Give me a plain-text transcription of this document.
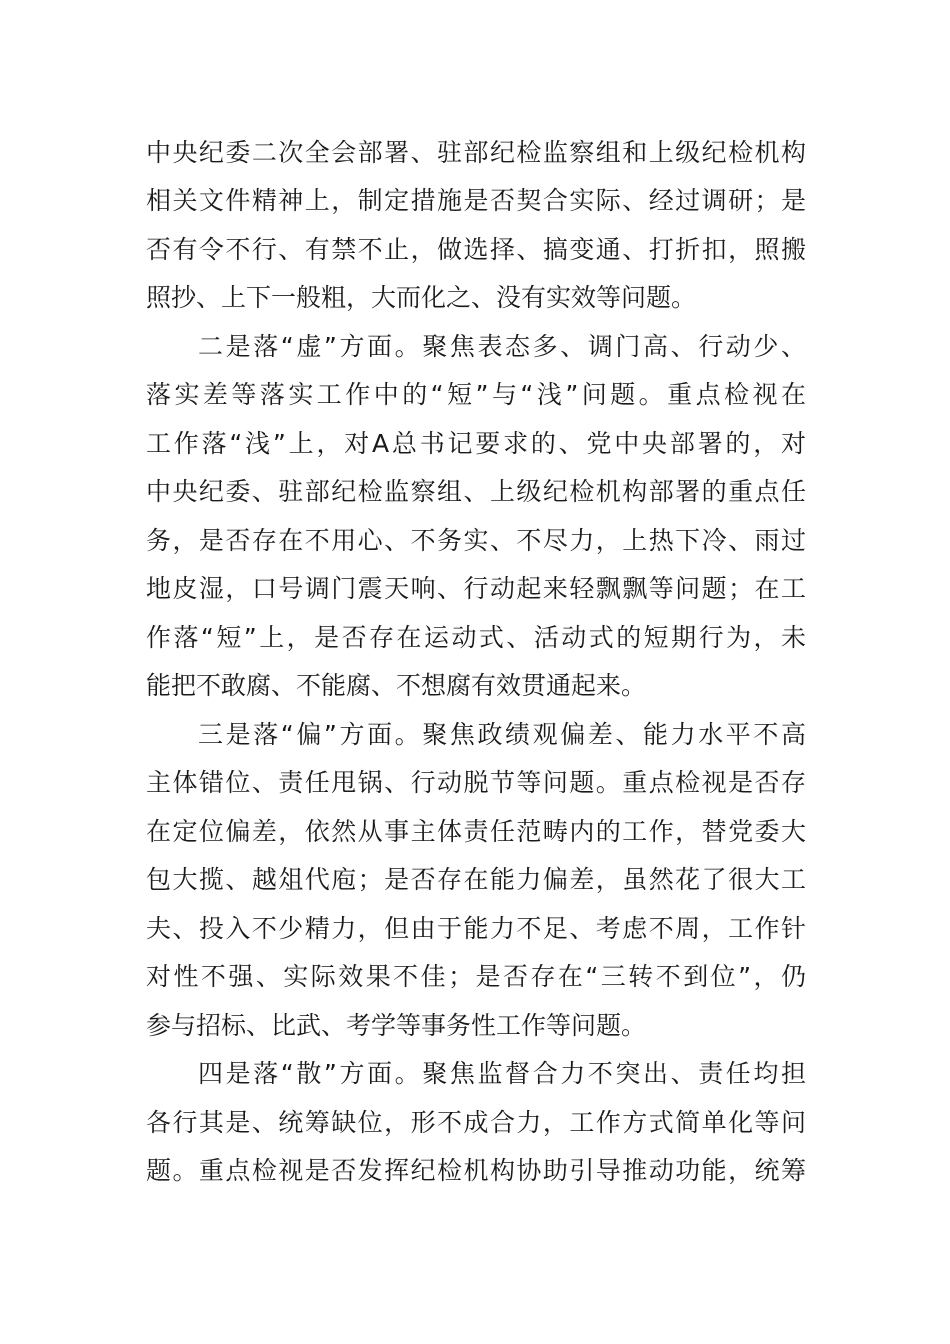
中央纪委二次全会部署、驻部纪检监察组和上级纪检机构
相关文件精神上，制定措施是否契合实际、经过调研；是
否有令不行、有禁不止，做选择、搞变通、打折扣，照搬
照抄、上下一般粗，大而化之、没有实效等问题。
二是落“虚”方面。聚焦表态多、调门高、行动少、
落实差等落实工作中的“短”与“浅”问题。重点检视在
工作落“浅”上，对A总书记要求的、党中央部署的，对
中央纪委、驻部纪检监察组、上级纪检机构部署的重点任
务，是否存在不用心、不务实、不尽力，上热下冷、雨过
地皮湿，口号调门震天响、行动起来轻飘飘等问题；在工
作落“短”上，是否存在运动式、活动式的短期行为，未
能把不敢腐、不能腐、不想腐有效贯通起来。
三是落“偏”方面。聚焦政绩观偏差、能力水平不高
主体错位、责任甩锅、行动脱节等问题。重点检视是否存
在定位偏差，依然从事主体责任范畴内的工作，替党委大
包大揽、越俎代庖；是否存在能力偏差，虽然花了很大工
夫、投入不少精力，但由于能力不足、考虑不周，工作针
对性不强、实际效果不佳；是否存在“三转不到位”，仍
参与招标、比武、考学等事务性工作等问题。
四是落“散”方面。聚焦监督合力不突出、责任均担
各行其是、统筹缺位，形不成合力，工作方式简单化等问
题。重点检视是否发挥纪检机构协助引导推动功能，统筹
